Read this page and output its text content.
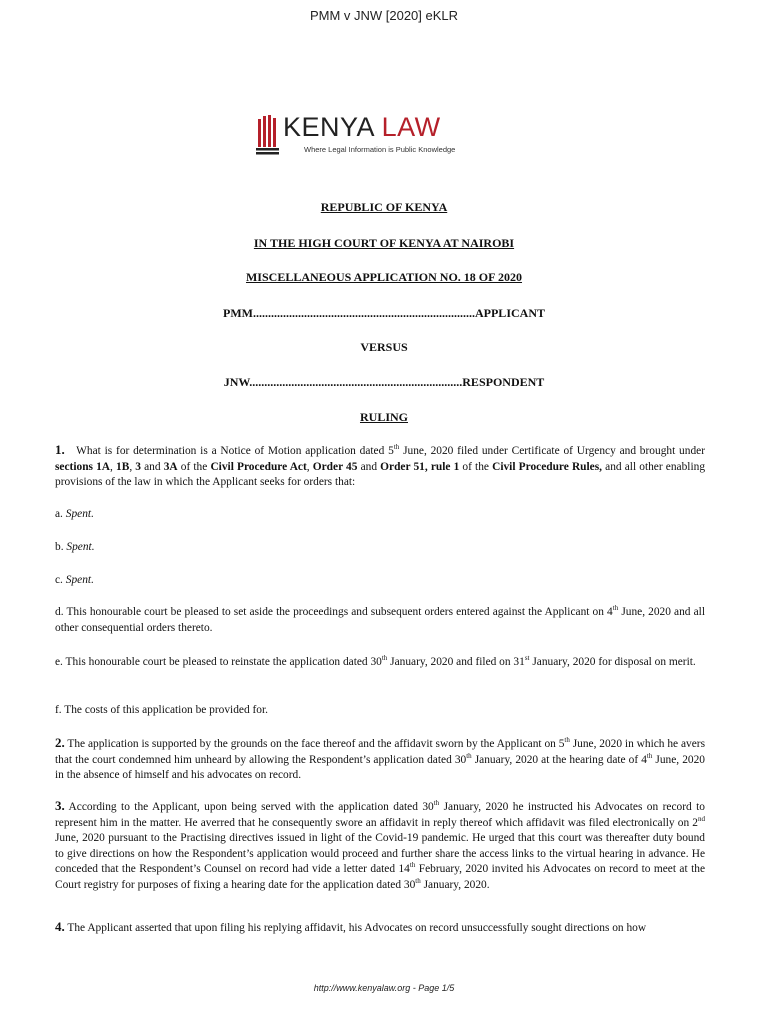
PMM v JNW [2020] eKLR
KENYA LAW
Where Legal Information is Public Knowledge
REPUBLIC OF KENYA
IN THE HIGH COURT OF KENYA AT NAIROBI
MISCELLANEOUS APPLICATION NO. 18 OF 2020
PMM..........................................................................APPLICANT
VERSUS
JNW.......................................................................RESPONDENT
RULING
1. What is for determination is a Notice of Motion application dated 5th June, 2020 filed under Certificate of Urgency and brought under sections 1A, 1B, 3 and 3A of the Civil Procedure Act, Order 45 and Order 51, rule 1 of the Civil Procedure Rules, and all other enabling provisions of the law in which the Applicant seeks for orders that:
a. Spent.
b. Spent.
c. Spent.
d. This honourable court be pleased to set aside the proceedings and subsequent orders entered against the Applicant on 4th June, 2020 and all other consequential orders thereto.
e. This honourable court be pleased to reinstate the application dated 30th January, 2020 and filed on 31st January, 2020 for disposal on merit.
f. The costs of this application be provided for.
2. The application is supported by the grounds on the face thereof and the affidavit sworn by the Applicant on 5th June, 2020 in which he avers that the court condemned him unheard by allowing the Respondent’s application dated 30th January, 2020 at the hearing date of 4th June, 2020 in the absence of himself and his advocates on record.
3. According to the Applicant, upon being served with the application dated 30th January, 2020 he instructed his Advocates on record to represent him in the matter. He averred that he consequently swore an affidavit in reply thereof which affidavit was filed electronically on 2nd June, 2020 pursuant to the Practising directives issued in light of the Covid-19 pandemic. He urged that this court was thereafter duty bound to give directions on how the Respondent’s application would proceed and further share the access links to the virtual hearing in advance. He conceded that the Respondent’s Counsel on record had vide a letter dated 14th February, 2020 invited his Advocates on record to meet at the Court registry for purposes of fixing a hearing date for the application dated 30th January, 2020.
4. The Applicant asserted that upon filing his replying affidavit, his Advocates on record unsuccessfully sought directions on how
http://www.kenyalaw.org - Page 1/5
